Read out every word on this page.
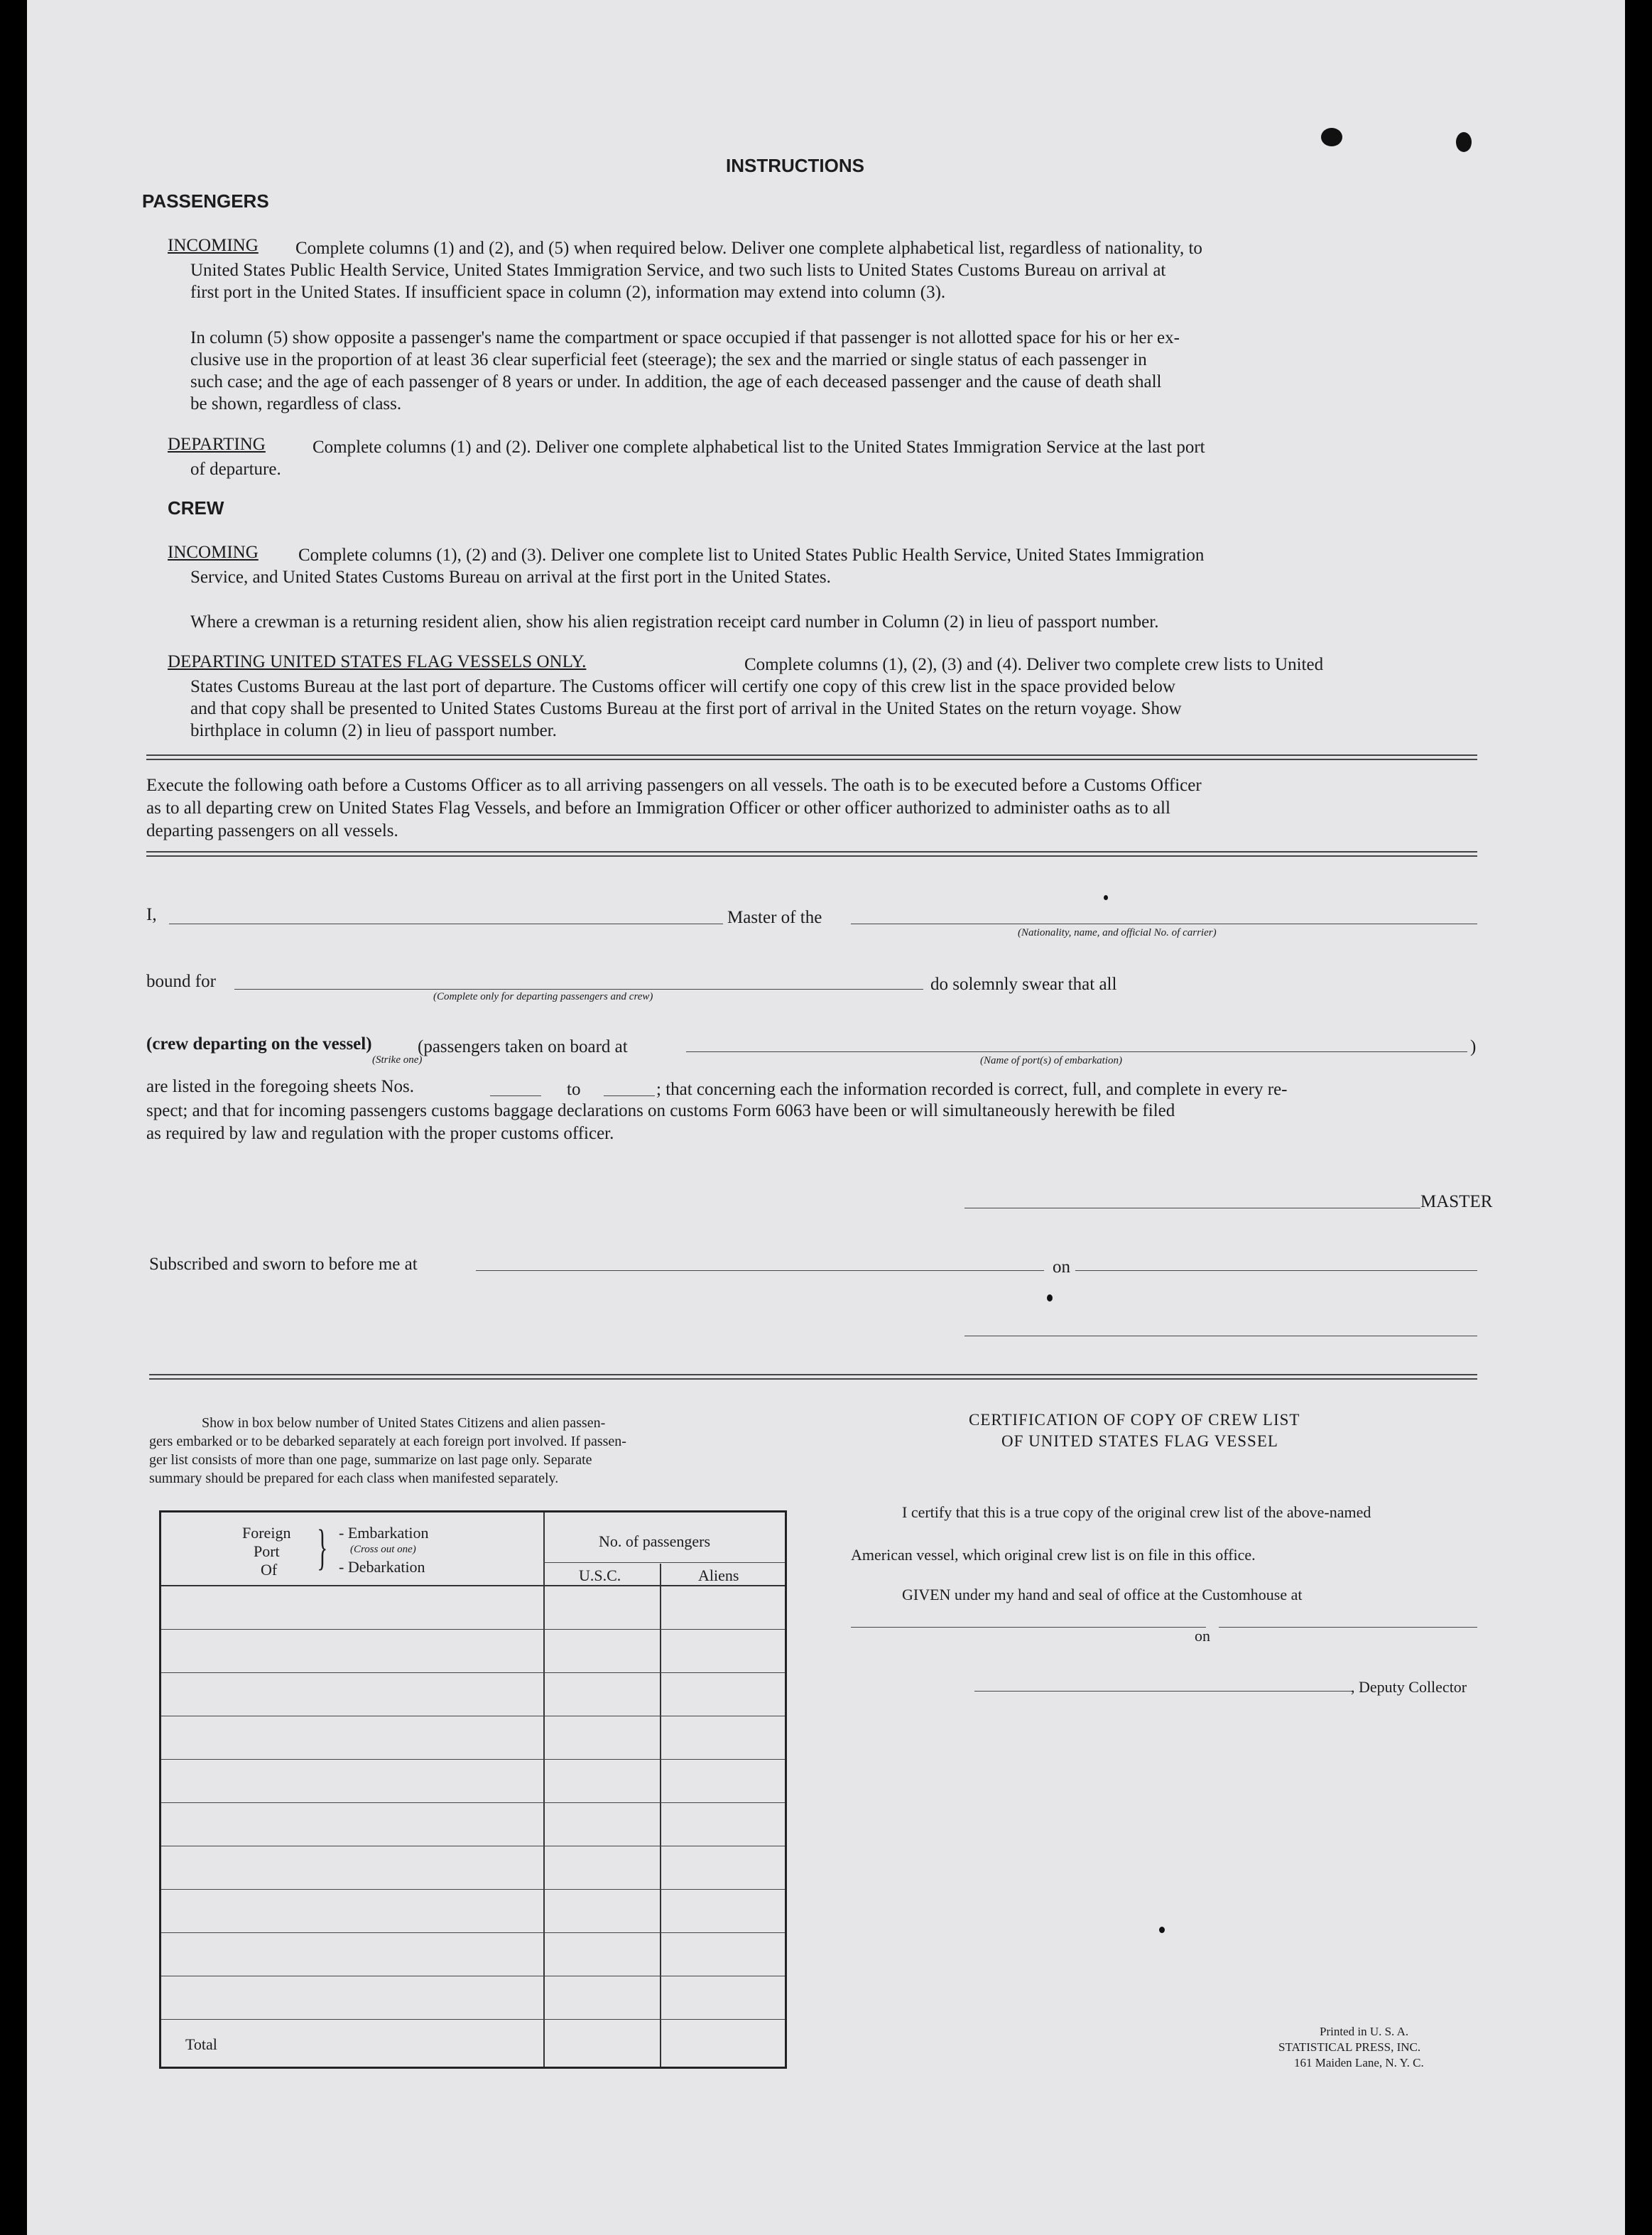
INSTRUCTIONS
PASSENGERS
INCOMING Complete columns (1) and (2), and (5) when required below. Deliver one complete alphabetical list, regardless of nationality, to
United States Public Health Service, United States Immigration Service, and two such lists to United States Customs Bureau on arrival at
first port in the United States. If insufficient space in column (2), information may extend into column (3).
In column (5) show opposite a passenger's name the compartment or space occupied if that passenger is not allotted space for his or her ex-
clusive use in the proportion of at least 36 clear superficial feet (steerage); the sex and the married or single status of each passenger in
such case; and the age of each passenger of 8 years or under. In addition, the age of each deceased passenger and the cause of death shall
be shown, regardless of class.
DEPARTING	Complete columns (1) and (2). Deliver one complete alphabetical list to the United States Immigration Service at the last port
of departure.
CREW
INCOMING Complete columns (1), (2) and (3). Deliver one complete list to United States Public Health Service, United States Immigration
Service, and United States Customs Bureau on arrival at the first port in the United States.
Where a crewman is a returning resident alien, show his alien registration receipt card number in Column (2) in lieu of passport number.
DEPARTING UNITED STATES FLAG VESSELS ONLY.	Complete columns (1), (2), (3) and (4). Deliver two complete crew lists to United
States Customs Bureau at the last port of departure. The Customs officer will certify one copy of this crew list in the space provided below
and that copy shall be presented to United States Customs Bureau at the first port of arrival in the United States on the return voyage. Show
birthplace in column (2) in lieu of passport number.
Execute the following oath before a Customs Officer as to all arriving passengers on all vessels. The oath is to be executed before a Customs Officer
as to all departing crew on United States Flag Vessels, and before an Immigration Officer or other officer authorized to administer oaths as to all
departing passengers on all vessels.
I,	Master of the
(Nationality, name, and official No. of carrier)
bound for
(Complete only for departing passengers and crew)
do solemnly swear that all
(crew departing on the vessel)	(passengers taken on board at
(Strike one)
)
(Name of port(s) of embarkation)
are listed in the foregoing sheets Nos.	to	; that concerning each the information recorded is correct, full, and complete in every re-
spect; and that for incoming passengers customs baggage declarations on customs Form 6063 have been or will simultaneously herewith be filed
as required by law and regulation with the proper customs officer.
MASTER
Subscribed and sworn to before me at	on
Show in box below number of United States Citizens and alien passen-
gers embarked or to be debarked separately at each foreign port involved. If passen-
ger list consists of more than one page, summarize on last page only. Separate
summary should be prepared for each class when manifested separately.
Foreign
Port
Of } - Embarkation
(Cross out one)
- Debarkation
No. of passengers
U.S.C.	Aliens
Total
CERTIFICATION OF COPY OF CREW LIST
OF UNITED STATES FLAG VESSEL
I certify that this is a true copy of the original crew list of the above-named
American vessel, which original crew list is on file in this office.
GIVEN under my hand and seal of office at the Customhouse at
on
, Deputy Collector
Printed in U. S. A.
STATISTICAL PRESS, INC.
161 Maiden Lane, N. Y. C.
